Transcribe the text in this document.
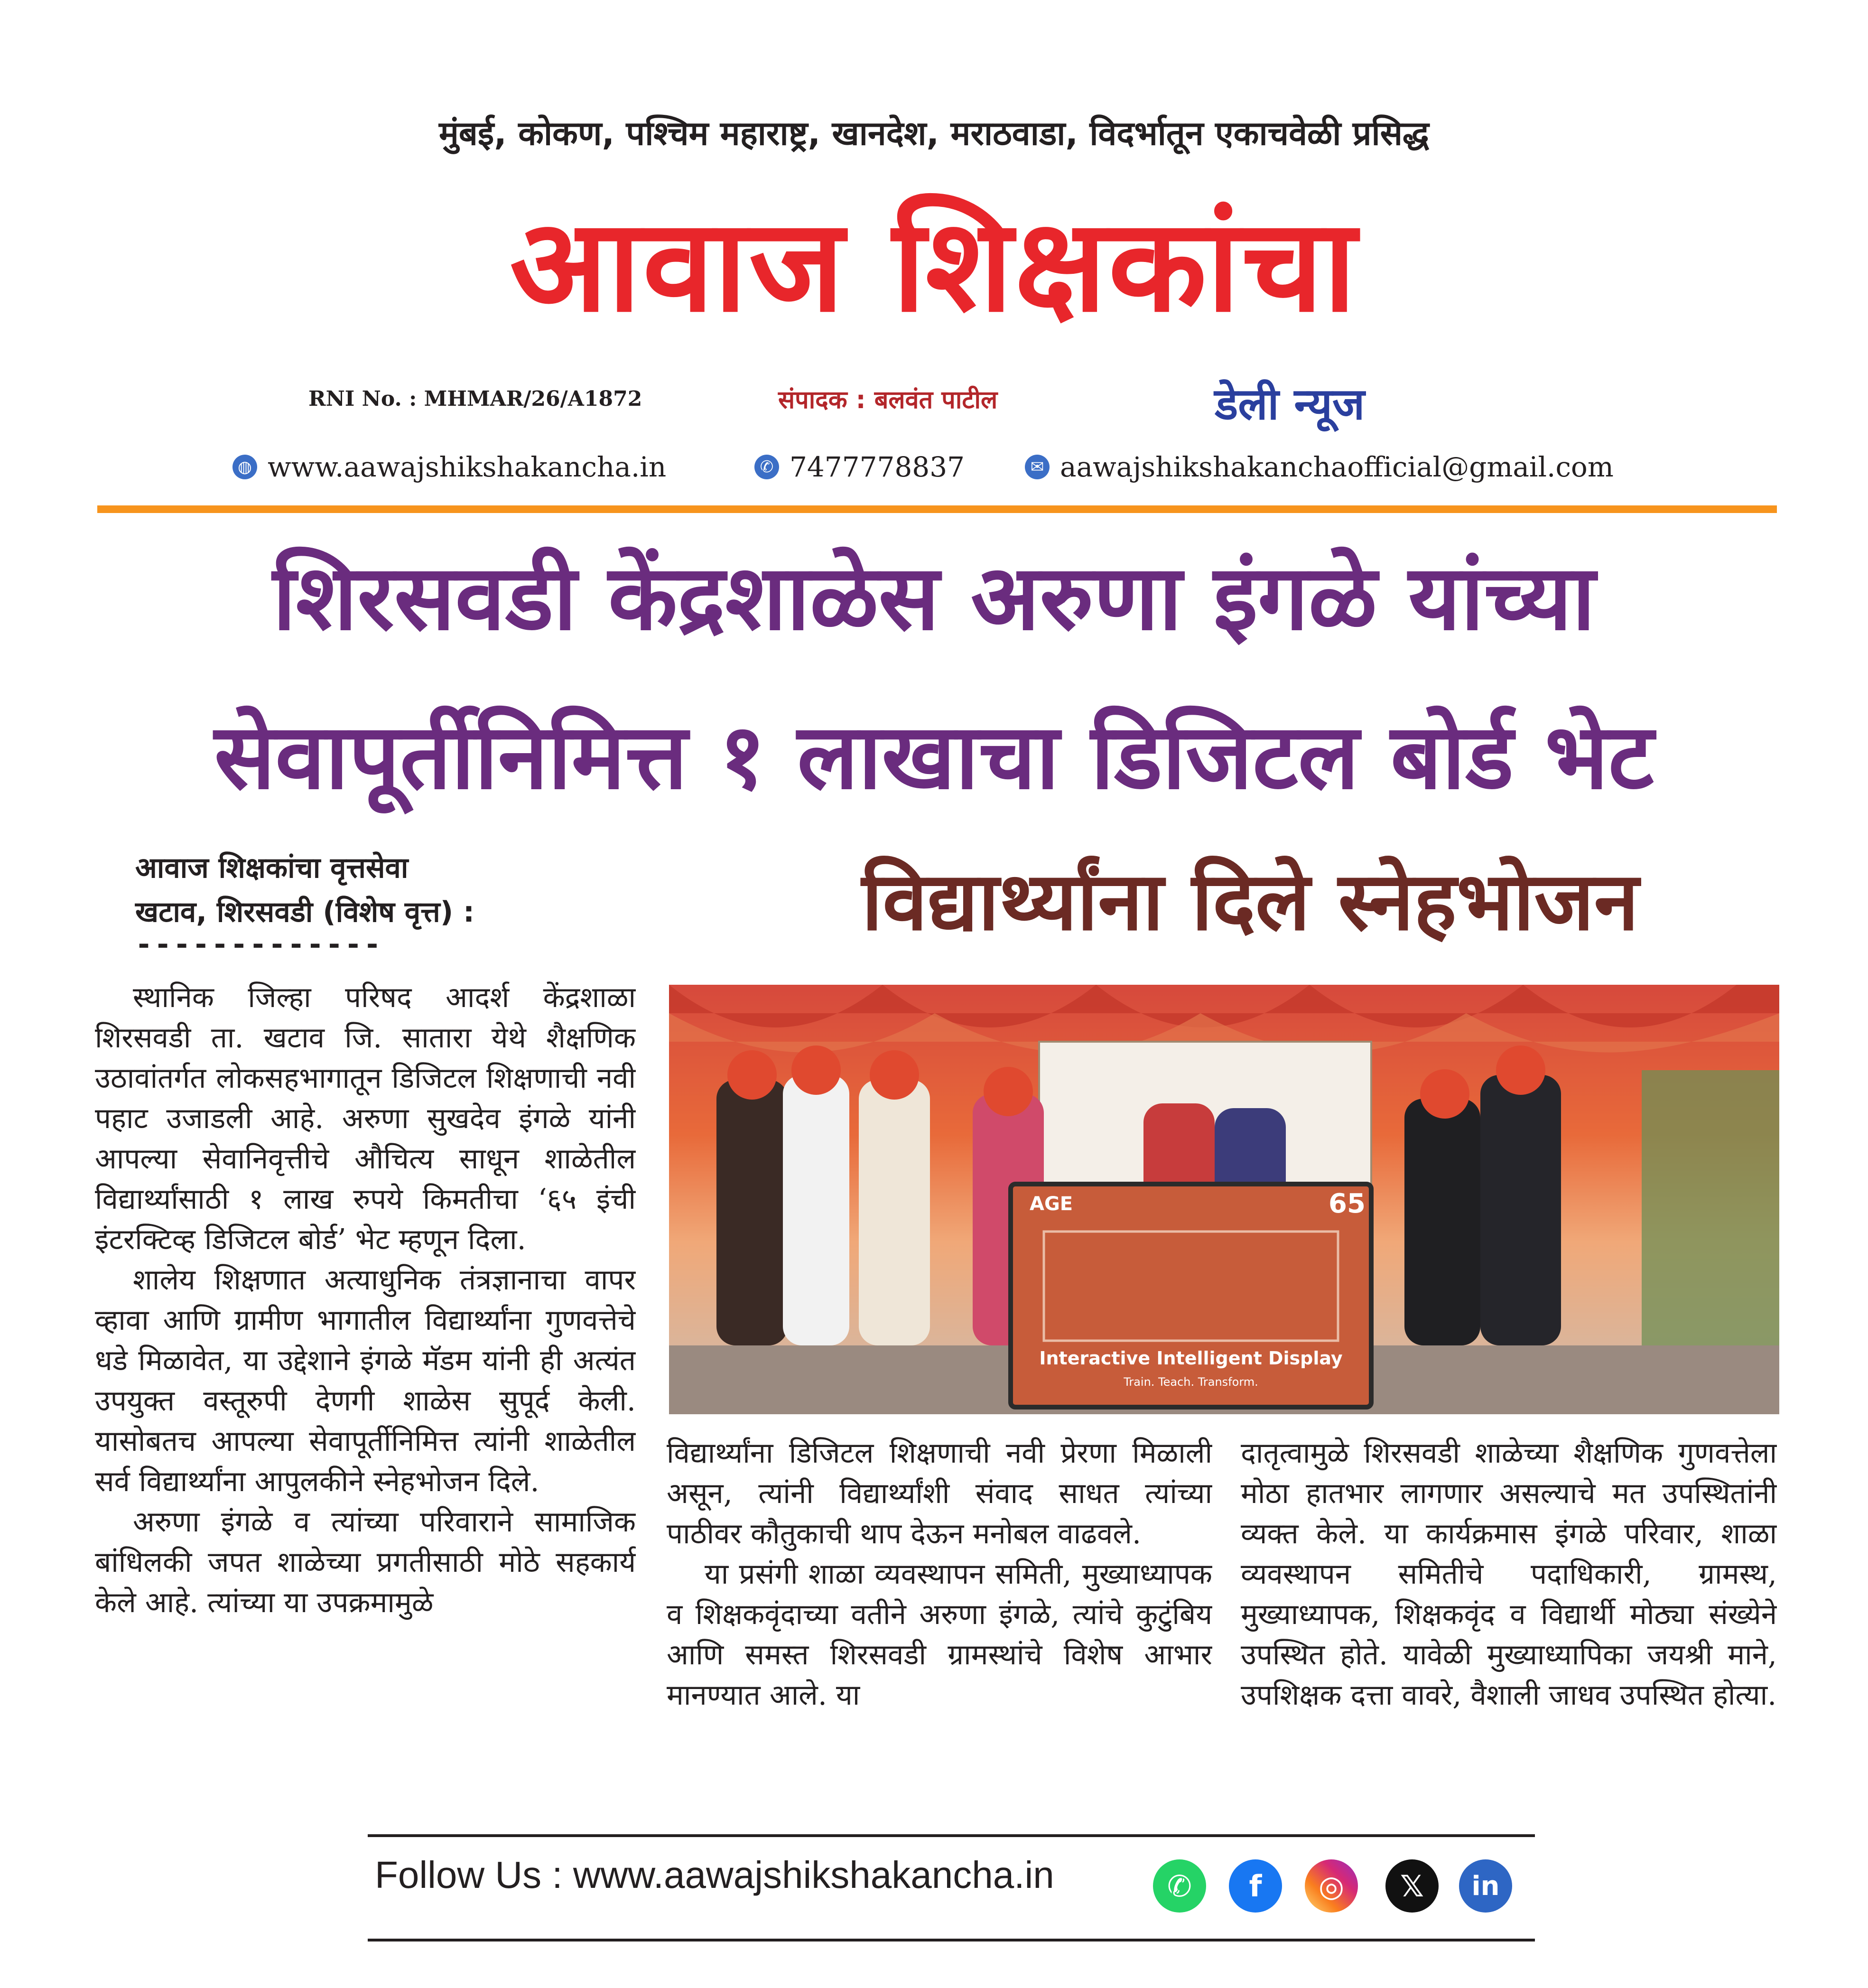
मुंबई, कोकण, पश्चिम महाराष्ट्र, खानदेश, मराठवाडा, विदर्भातून एकाचवेळी प्रसिद्ध
आवाज शिक्षकांचा
RNI No. : MHMAR/26/A1872	संपादक : बलवंत पाटील	डेली न्यूज
◍ www.aawajshikshakancha.in	✆ 7477778837	✉ aawajshikshakanchaofficial@gmail.com
शिरसवडी केंद्रशाळेस अरुणा इंगळे यांच्या
सेवापूर्तीनिमित्त १ लाखाचा डिजिटल बोर्ड भेट
आवाज शिक्षकांचा वृत्तसेवा
खटाव, शिरसवडी (विशेष वृत्त) :
-------------	विद्यार्थ्यांना दिले स्नेहभोजन

स्थानिक जिल्हा परिषद आदर्श केंद्रशाळा शिरसवडी ता. खटाव जि. सातारा येथे शैक्षणिक उठावांतर्गत लोकसहभागातून डिजिटल शिक्षणाची नवी पहाट उजाडली आहे. अरुणा सुखदेव इंगळे यांनी आपल्या सेवानिवृत्तीचे औचित्य साधून शाळेतील विद्यार्थ्यांसाठी १ लाख रुपये किमतीचा ‘६५ इंची इंटरक्टिव्ह डिजिटल बोर्ड’ भेट म्हणून दिला.

शालेय शिक्षणात अत्याधुनिक तंत्रज्ञानाचा वापर व्हावा आणि ग्रामीण भागातील विद्यार्थ्यांना गुणवत्तेचे धडे मिळावेत, या उद्देशाने इंगळे मॅडम यांनी ही अत्यंत उपयुक्त वस्तूरुपी देणगी शाळेस सुपूर्द केली. यासोबतच आपल्या सेवापूर्तीनिमित्त त्यांनी शाळेतील सर्व विद्यार्थ्यांना आपुलकीने स्नेहभोजन दिले.

अरुणा इंगळे व त्यांच्या परिवाराने सामाजिक बांधिलकी जपत शाळेच्या प्रगतीसाठी मोठे सहकार्य केले आहे. त्यांच्या या उपक्रमामुळे

AGE	65
Interactive Intelligent Display
Train. Teach. Transform.

विद्यार्थ्यांना डिजिटल शिक्षणाची नवी प्रेरणा मिळाली असून, त्यांनी विद्यार्थ्यांशी संवाद साधत त्यांच्या पाठीवर कौतुकाची थाप देऊन मनोबल वाढवले.

या प्रसंगी शाळा व्यवस्थापन समिती, मुख्याध्यापक व शिक्षकवृंदाच्या वतीने अरुणा इंगळे, त्यांचे कुटुंबिय आणि समस्त शिरसवडी ग्रामस्थांचे विशेष आभार मानण्यात आले. या

दातृत्वामुळे शिरसवडी शाळेच्या शैक्षणिक गुणवत्तेला मोठा हातभार लागणार असल्याचे मत उपस्थितांनी व्यक्त केले. या कार्यक्रमास इंगळे परिवार, शाळा व्यवस्थापन समितीचे पदाधिकारी, ग्रामस्थ, मुख्याध्यापक, शिक्षकवृंद व विद्यार्थी मोठ्या संख्येने उपस्थित होते. यावेळी मुख्याध्यापिका जयश्री माने, उपशिक्षक दत्ता वावरे, वैशाली जाधव उपस्थित होत्या.

Follow Us : www.aawajshikshakancha.in	✆	f	◎	𝕏	in
